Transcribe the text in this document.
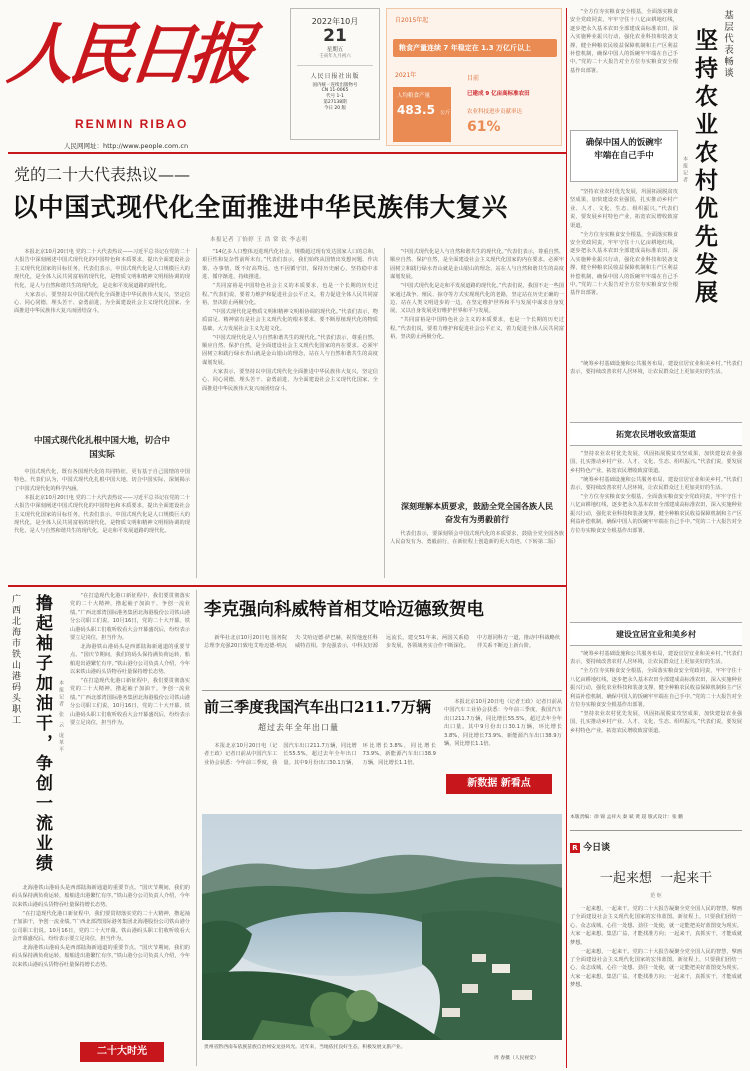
人民日报
RENMIN RIBAO
人民网网址：http://www.people.com.cn
2022年10月
21
星期五
壬寅年九月初六
人民日报社出版
国内统一连续出版物号
CN 11-0065
代号 1-1
第27138期
今日 20 版
自2015年起
粮食产量连续 7 年稳定在 1.3 万亿斤以上
2021年
人均粮食产量
483.5 公斤
目前
已建成 9 亿亩高标准农田
农业科技进步贡献率达
61%
党的二十大代表热议——
以中国式现代化全面推进中华民族伟大复兴
本报记者 丁怡婷 王 浩 常 钦 李志明

本报北京10月20日电 党的二十大代表热议——习近平总书记在党的二十大报告中深刻阐述中国式现代化的中国特色和本质要求，提出全面建设社会主义现代化国家的目标任务。代表们表示，中国式现代化是人口规模巨大的现代化，是全体人民共同富裕的现代化，是物质文明和精神文明相协调的现代化，是人与自然和谐共生的现代化，是走和平发展道路的现代化。

大家表示，要坚持以中国式现代化全面推进中华民族伟大复兴，坚定信心、同心同德，埋头苦干、奋勇前进，为全面建设社会主义现代化国家、全面推进中华民族伟大复兴而团结奋斗。

中国式现代化扎根中国大地，切合中国实际

中国式现代化，既有各国现代化的共同特征，更有基于自己国情的中国特色。代表们认为，中国式现代化扎根中国大地，切合中国实际，深刻揭示了中国式现代化的科学内涵。

本报北京10月20日电 党的二十大代表热议——习近平总书记在党的二十大报告中深刻阐述中国式现代化的中国特色和本质要求，提出全面建设社会主义现代化国家的目标任务。代表们表示，中国式现代化是人口规模巨大的现代化，是全体人民共同富裕的现代化，是物质文明和精神文明相协调的现代化，是人与自然和谐共生的现代化，是走和平发展道路的现代化。

“14亿多人口整体迈进现代化社会，规模超过现有发达国家人口的总和，艰巨性和复杂性前所未有。”代表们表示，我们始终从国情出发想问题、作决策、办事情，既不好高骛远，也不因循守旧，保持历史耐心，坚持稳中求进、循序渐进、持续推进。

“共同富裕是中国特色社会主义的本质要求，也是一个长期的历史过程。”代表们说，要着力维护和促进社会公平正义，着力促进全体人民共同富裕，坚决防止两极分化。

“中国式现代化是物质文明和精神文明相协调的现代化。”代表们表示，物质富足、精神富有是社会主义现代化的根本要求，要不断厚植现代化的物质基础，大力发展社会主义先进文化。

“中国式现代化是人与自然和谐共生的现代化。”代表们表示，尊重自然、顺应自然、保护自然，是全面建设社会主义现代化国家的内在要求。必须牢固树立和践行绿水青山就是金山银山的理念，站在人与自然和谐共生的高度谋划发展。

大家表示，要坚持以中国式现代化全面推进中华民族伟大复兴，坚定信心、同心同德，埋头苦干、奋勇前进，为全面建设社会主义现代化国家、全面推进中华民族伟大复兴而团结奋斗。

“中国式现代化是人与自然和谐共生的现代化。”代表们表示，尊重自然、顺应自然、保护自然，是全面建设社会主义现代化国家的内在要求。必须牢固树立和践行绿水青山就是金山银山的理念，站在人与自然和谐共生的高度谋划发展。

“中国式现代化是走和平发展道路的现代化。”代表们说，我国不走一些国家通过战争、殖民、掠夺等方式实现现代化的老路，坚定站在历史正确的一边、站在人类文明进步的一边，在坚定维护世界和平与发展中谋求自身发展，又以自身发展更好维护世界和平与发展。

“共同富裕是中国特色社会主义的本质要求，也是一个长期的历史过程。”代表们说，要着力维护和促进社会公平正义，着力促进全体人民共同富裕，坚决防止两极分化。

深刻理解本质要求，鼓励全党全国各族人民奋发有为勇毅前行

代表们表示，要深刻领会中国式现代化的本质要求，鼓励全党全国各族人民奋发有为、勇毅前行，在新征程上创造新的更大奇迹。（下转第二版）

“全方位夯实粮食安全根基，全面落实粮食安全党政同责，牢牢守住十八亿亩耕地红线，逐步把永久基本农田全部建成高标准农田，深入实施种业振兴行动，强化农业科技和装备支撑，健全种粮农民收益保障机制和主产区利益补偿机制，确保中国人的饭碗牢牢端在自己手中。”党的二十大报告对全方位夯实粮食安全根基作出部署。

确保中国人的饭碗牢牢端在自己手中
基层代表畅谈
坚持农业农村优先发展
本报记者

“坚持农业农村优先发展，巩固拓展脱贫攻坚成果，加快建设农业强国，扎实推动乡村产业、人才、文化、生态、组织振兴。”代表们说，要发展乡村特色产业，拓宽农民增收致富渠道。

“全方位夯实粮食安全根基，全面落实粮食安全党政同责，牢牢守住十八亿亩耕地红线，逐步把永久基本农田全部建成高标准农田，深入实施种业振兴行动，强化农业科技和装备支撑，健全种粮农民收益保障机制和主产区利益补偿机制，确保中国人的饭碗牢牢端在自己手中。”党的二十大报告对全方位夯实粮食安全根基作出部署。

“统筹乡村基础设施和公共服务布局，建设宜居宜业和美乡村。”代表们表示，要持续改善农村人居环境，让农民群众过上更加美好的生活。

拓宽农民增收致富渠道

“坚持农业农村优先发展，巩固拓展脱贫攻坚成果，加快建设农业强国，扎实推动乡村产业、人才、文化、生态、组织振兴。”代表们说，要发展乡村特色产业，拓宽农民增收致富渠道。

“统筹乡村基础设施和公共服务布局，建设宜居宜业和美乡村。”代表们表示，要持续改善农村人居环境，让农民群众过上更加美好的生活。

“全方位夯实粮食安全根基，全面落实粮食安全党政同责，牢牢守住十八亿亩耕地红线，逐步把永久基本农田全部建成高标准农田，深入实施种业振兴行动，强化农业科技和装备支撑，健全种粮农民收益保障机制和主产区利益补偿机制，确保中国人的饭碗牢牢端在自己手中。”党的二十大报告对全方位夯实粮食安全根基作出部署。

建设宜居宜业和美乡村

“统筹乡村基础设施和公共服务布局，建设宜居宜业和美乡村。”代表们表示，要持续改善农村人居环境，让农民群众过上更加美好的生活。

“全方位夯实粮食安全根基，全面落实粮食安全党政同责，牢牢守住十八亿亩耕地红线，逐步把永久基本农田全部建成高标准农田，深入实施种业振兴行动，强化农业科技和装备支撑，健全种粮农民收益保障机制和主产区利益补偿机制，确保中国人的饭碗牢牢端在自己手中。”党的二十大报告对全方位夯实粮食安全根基作出部署。

“坚持农业农村优先发展，巩固拓展脱贫攻坚成果，加快建设农业强国，扎实推动乡村产业、人才、文化、生态、组织振兴。”代表们说，要发展乡村特色产业，拓宽农民增收致富渠道。

本版责编：徐 锦 孟祥夫 秦 斌 黄 超 版式设计：张 鹏
R 今日谈
一起来想  一起来干
范 炬

一起来想，一起来干。党的二十大报告凝聚全党全国人民的智慧，擘画了全面建设社会主义现代化国家的宏伟蓝图。新征程上，只要我们团结一心、众志成城，心往一处想、劲往一处使，就一定能把美好蓝图变为现实。大家一起来想，集思广益，才能找准方向；一起来干，真抓实干，才能成就梦想。

一起来想，一起来干。党的二十大报告凝聚全党全国人民的智慧，擘画了全面建设社会主义现代化国家的宏伟蓝图。新征程上，只要我们团结一心、众志成城，心往一处想、劲往一处使，就一定能把美好蓝图变为现实。大家一起来想，集思广益，才能找准方向；一起来干，真抓实干，才能成就梦想。

广西北海市铁山港码头职工 撸起袖子加油干，争创一流业绩	本报记者 张 云 庞革平

“在打造现代化港口新征程中，我们要贯彻落实党的二十大精神，撸起袖子加油干，争创一流业绩。”广西北部湾国际港务集团北海港股份公司铁山港分公司职工们说。10月16日，党的二十大开幕。铁山港码头职工们收听收看大会开幕盛况后，纷纷表示要立足岗位，担当作为。

北海港铁山港码头是西部陆海新通道的重要节点。“国庆节期间，我们的码头保持满负荷运转，船舶进出港繁忙有序。”铁山港分公司负责人介绍，今年以来铁山港码头货物吞吐量保持增长态势。

“在打造现代化港口新征程中，我们要贯彻落实党的二十大精神，撸起袖子加油干，争创一流业绩。”广西北部湾国际港务集团北海港股份公司铁山港分公司职工们说。10月16日，党的二十大开幕。铁山港码头职工们收听收看大会开幕盛况后，纷纷表示要立足岗位，担当作为。

北海港铁山港码头是西部陆海新通道的重要节点。“国庆节期间，我们的码头保持满负荷运转，船舶进出港繁忙有序。”铁山港分公司负责人介绍，今年以来铁山港码头货物吞吐量保持增长态势。

“在打造现代化港口新征程中，我们要贯彻落实党的二十大精神，撸起袖子加油干，争创一流业绩。”广西北部湾国际港务集团北海港股份公司铁山港分公司职工们说。10月16日，党的二十大开幕。铁山港码头职工们收听收看大会开幕盛况后，纷纷表示要立足岗位，担当作为。

北海港铁山港码头是西部陆海新通道的重要节点。“国庆节期间，我们的码头保持满负荷运转，船舶进出港繁忙有序。”铁山港分公司负责人介绍，今年以来铁山港码头货物吞吐量保持增长态势。

二十大时光
李克强向科威特首相艾哈迈德致贺电

新华社北京10月20日电 国务院总理李克强20日致电艾哈迈德·纳瓦夫·艾哈迈德·萨巴赫，祝贺他连任科威特首相。李克强表示，中科友好源远流长。建交51年来，两国关系稳步发展，各领域务实合作不断深化。中方愿同科方一道，推动中科战略伙伴关系不断迈上新台阶。

前三季度我国汽车出口211.7万辆
超过去年全年出口量

本报北京10月20日电（记者王政）记者日前从中国汽车工业协会获悉：今年前三季度，我国汽车出口211.7万辆，同比增长55.5%，超过去年全年出口量。其中9月份出口30.1万辆，环比增长3.8%，同比增长73.9%。新能源汽车出口38.9万辆，同比增长1.1倍。

本报北京10月20日电（记者王政）记者日前从中国汽车工业协会获悉：今年前三季度，我国汽车出口211.7万辆，同比增长55.5%，超过去年全年出口量。其中9月份出口30.1万辆，环比增长3.8%，同比增长73.9%。新能源汽车出口38.9万辆，同比增长1.1倍。

新数据 新看点
贵州省黔西南布依族苗族自治州安龙县风光。近年来，当地依托良好生态，积极发展文旅产业。
周 春摄（人民视觉）
